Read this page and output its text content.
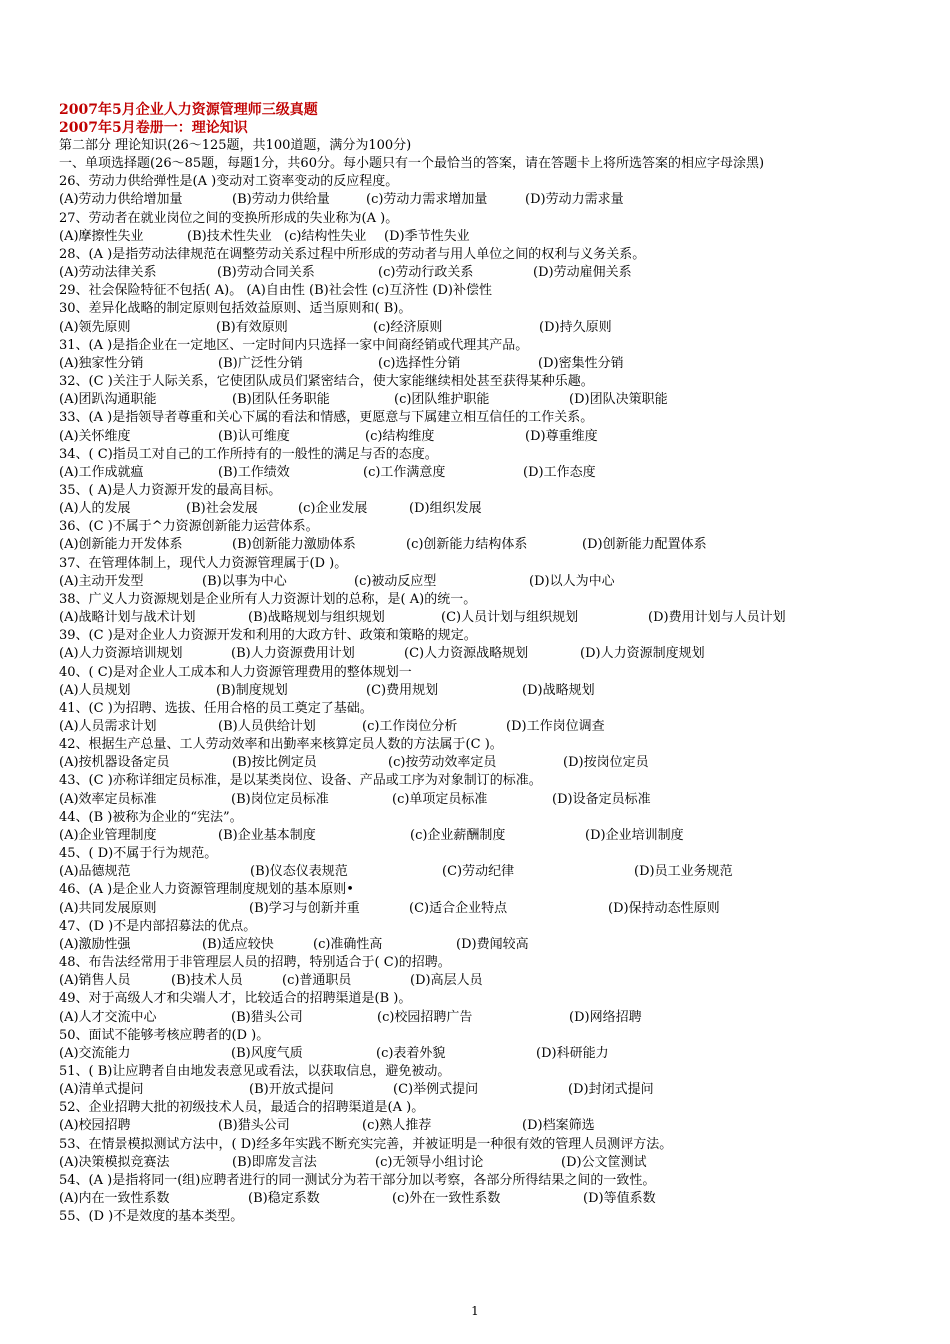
2007年5月企业人力资源管理师三级真题
2007年5月卷册一：理论知识
第二部分 理论知识(26～125题，共100道题，满分为100分)
一、单项选择题(26～85题，每题1分，共60分。每小题只有一个最恰当的答案，请在答题卡上将所选答案的相应字母涂黑)
26、劳动力供给弹性是(A )变动对工资率变动的反应程度。
(A)劳动力供给增加量	(B)劳动力供给量	(c)劳动力需求增加量	(D)劳动力需求量
27、劳动者在就业岗位之间的变换所形成的失业称为(A )。
(A)摩擦性失业	(B)技术性失业 (c)结构性失业	(D)季节性失业
28、(A )是指劳动法律规范在调整劳动关系过程中所形成的劳动者与用人单位之间的权利与义务关系。
(A)劳动法律关系	(B)劳动合同关系	(c)劳动行政关系	(D)劳动雇佣关系
29、社会保险特征不包括( A)。 (A)自由性 (B)社会性 (c)互济性 (D)补偿性
30、差异化战略的制定原则包括效益原则、适当原则和( B)。
(A)领先原则	(B)有效原则	(c)经济原则	(D)持久原则
31、(A )是指企业在一定地区、一定时间内只选择一家中间商经销或代理其产品。
(A)独家性分销	(B)广泛性分销	(c)选择性分销	(D)密集性分销
32、(C )关注于人际关系，它使团队成员们紧密结合，使大家能继续相处甚至获得某种乐趣。
(A)团趴沟通职能	(B)团队任务职能	(c)团队维护职能	(D)团队决策职能
33、(A )是指领导者尊重和关心下属的看法和情感，更愿意与下属建立相互信任的工作关系。
(A)关怀维度	(B)认可维度	(c)结构维度	(D)尊重维度
34、( C)指员工对自己的工作所持有的一般性的满足与否的态度。
(A)工作成就瘟	(B)工作绩效	(c)工作满意度	(D)工作态度
35、( A)是人力资源开发的最高目标。
(A)人的发展	(B)社会发展	(c)企业发展	(D)组织发展
36、(C )不属于^力资源创新能力运营体系。
(A)创新能力开发体系	(B)创新能力激励体系	(c)创新能力结构体系	(D)创新能力配置体系
37、在管理体制上，现代人力资源管理属于(D )。
(A)主动开发型	(B)以事为中心	(c)被动反应型	(D)以人为中心
38、广义人力资源规划是企业所有人力资源计划的总称，是( A)的统一。
(A)战略计划与战术计划	(B)战略规划与组织规划	(C)人员计划与组织规划	(D)费用计划与人员计划
39、(C )是对企业人力资源开发和利用的大政方针、政策和策略的规定。
(A)人力资源培训规划	(B)人力资源费用计划	(C)人力资源战略规划	(D)人力资源制度规划
40、( C)是对企业人工成本和人力资源管理费用的整体规划一
(A)人员规划	(B)制度规划	(C)费用规划	(D)战略规划
41、(C )为招聘、选拔、任用合格的员工奠定了基础。
(A)人员需求计划	(B)人员供给计划	(c)工作岗位分析	(D)工作岗位调查
42、根据生产总量、工人劳动效率和出勤率来核算定员人数的方法属于(C )。
(A)按机器设备定员	(B)按比例定员	(c)按劳动效率定员	(D)按岗位定员
43、(C )亦称详细定员标准，是以某类岗位、设备、产品或工序为对象制订的标准。
(A)效率定员标准	(B)岗位定员标准	(c)单项定员标准	(D)设备定员标准
44、(B )被称为企业的“宪法”。
(A)企业管理制度	(B)企业基本制度	(c)企业薪酬制度	(D)企业培训制度
45、( D)不属于行为规范。
(A)品德规范	(B)仪态仪表规范	(C)劳动纪律	(D)员工业务规范
46、(A )是企业人力资源管理制度规划的基本原则•
(A)共同发展原则	(B)学习与创新并重	(C)适合企业特点	(D)保持动态性原则
47、(D )不是内部招募法的优点。
(A)激励性强	(B)适应较快	(c)准确性高	(D)费闻较高
48、布告法经常用于非管理层人员的招聘，特别适合于( C)的招聘。
(A)销售人员	(B)技术人员	(c)普通职员	(D)高层人员
49、对于高级人才和尖端人才，比较适合的招聘渠道是(B )。
(A)人才交流中心	(B)猎头公司	(c)校园招聘广告	(D)网络招聘
50、面试不能够考核应聘者的(D )。
(A)交流能力	(B)风度气质	(c)表着外貌	(D)科研能力
51、( B)让应聘者自由地发表意见或看法，以获取信息，避免被动。
(A)清单式提问	(B)开放式提问	(C)举例式提问	(D)封闭式提问
52、企业招聘大批的初级技术人员，最适合的招聘渠道是(A )。
(A)校园招聘	(B)猎头公司	(c)熟人推荐	(D)档案筛选
53、在情景模拟测试方法中，( D)经多年实践不断充实完善，并被证明是一种很有效的管理人员测评方法。
(A)决策模拟竞赛法	(B)即席发言法	(c)无领导小组讨论	(D)公文筐测试
54、(A )是指将同一(组)应聘者进行的同一测试分为若干部分加以考察，各部分所得结果之间的一致性。
(A)内在一致性系数	(B)稳定系数	(c)外在一致性系数	(D)等值系数
55、(D )不是效度的基本类型。
1
